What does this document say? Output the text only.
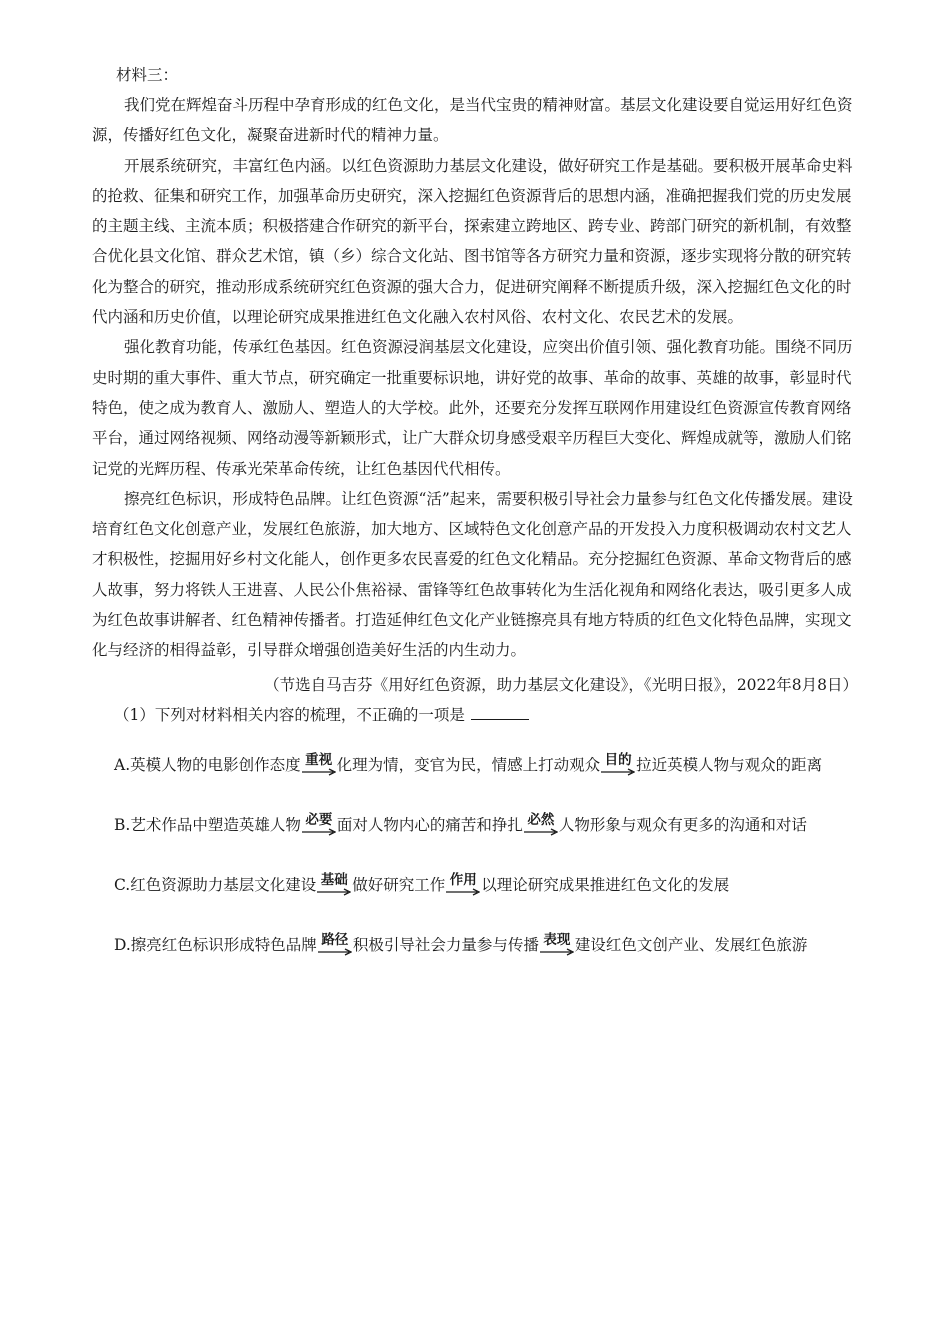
材料三：

我们党在辉煌奋斗历程中孕育形成的红色文化，是当代宝贵的精神财富。基层文化建设要自觉运用好红色资源，传播好红色文化，凝聚奋进新时代的精神力量。

开展系统研究，丰富红色内涵。以红色资源助力基层文化建设，做好研究工作是基础。要积极开展革命史料的抢救、征集和研究工作，加强革命历史研究，深入挖掘红色资源背后的思想内涵，准确把握我们党的历史发展的主题主线、主流本质；积极搭建合作研究的新平台，探索建立跨地区、跨专业、跨部门研究的新机制，有效整合优化县文化馆、群众艺术馆，镇（乡）综合文化站、图书馆等各方研究力量和资源，逐步实现将分散的研究转化为整合的研究，推动形成系统研究红色资源的强大合力，促进研究阐释不断提质升级，深入挖掘红色文化的时代内涵和历史价值，以理论研究成果推进红色文化融入农村风俗、农村文化、农民艺术的发展。

强化教育功能，传承红色基因。红色资源浸润基层文化建设，应突出价值引领、强化教育功能。围绕不同历史时期的重大事件、重大节点，研究确定一批重要标识地，讲好党的故事、革命的故事、英雄的故事，彰显时代特色，使之成为教育人、激励人、塑造人的大学校。此外，还要充分发挥互联网作用建设红色资源宣传教育网络平台，通过网络视频、网络动漫等新颖形式，让广大群众切身感受艰辛历程巨大变化、辉煌成就等，激励人们铭记党的光辉历程、传承光荣革命传统，让红色基因代代相传。

擦亮红色标识，形成特色品牌。让红色资源“活”起来，需要积极引导社会力量参与红色文化传播发展。建设培育红色文化创意产业，发展红色旅游，加大地方、区域特色文化创意产品的开发投入力度积极调动农村文艺人才积极性，挖掘用好乡村文化能人，创作更多农民喜爱的红色文化精品。充分挖掘红色资源、革命文物背后的感人故事，努力将铁人王进喜、人民公仆焦裕禄、雷锋等红色故事转化为生活化视角和网络化表达，吸引更多人成为红色故事讲解者、红色精神传播者。打造延伸红色文化产业链擦亮具有地方特质的红色文化特色品牌，实现文化与经济的相得益彰，引导群众增强创造美好生活的内生动力。

（节选自马吉芬《用好红色资源，助力基层文化建设》，《光明日报》，2022年8月8日）
（1）下列对材料相关内容的梳理，不正确的一项是
A.英模人物的电影创作态度 重视 化理为情，变官为民，情感上打动观众 目的 拉近英模人物与观众的距离
B.艺术作品中塑造英雄人物 必要 面对人物内心的痛苦和挣扎 必然 人物形象与观众有更多的沟通和对话
C.红色资源助力基层文化建设 基础 做好研究工作 作用 以理论研究成果推进红色文化的发展
D.擦亮红色标识形成特色品牌 路径 积极引导社会力量参与传播 表现 建设红色文创产业、发展红色旅游
